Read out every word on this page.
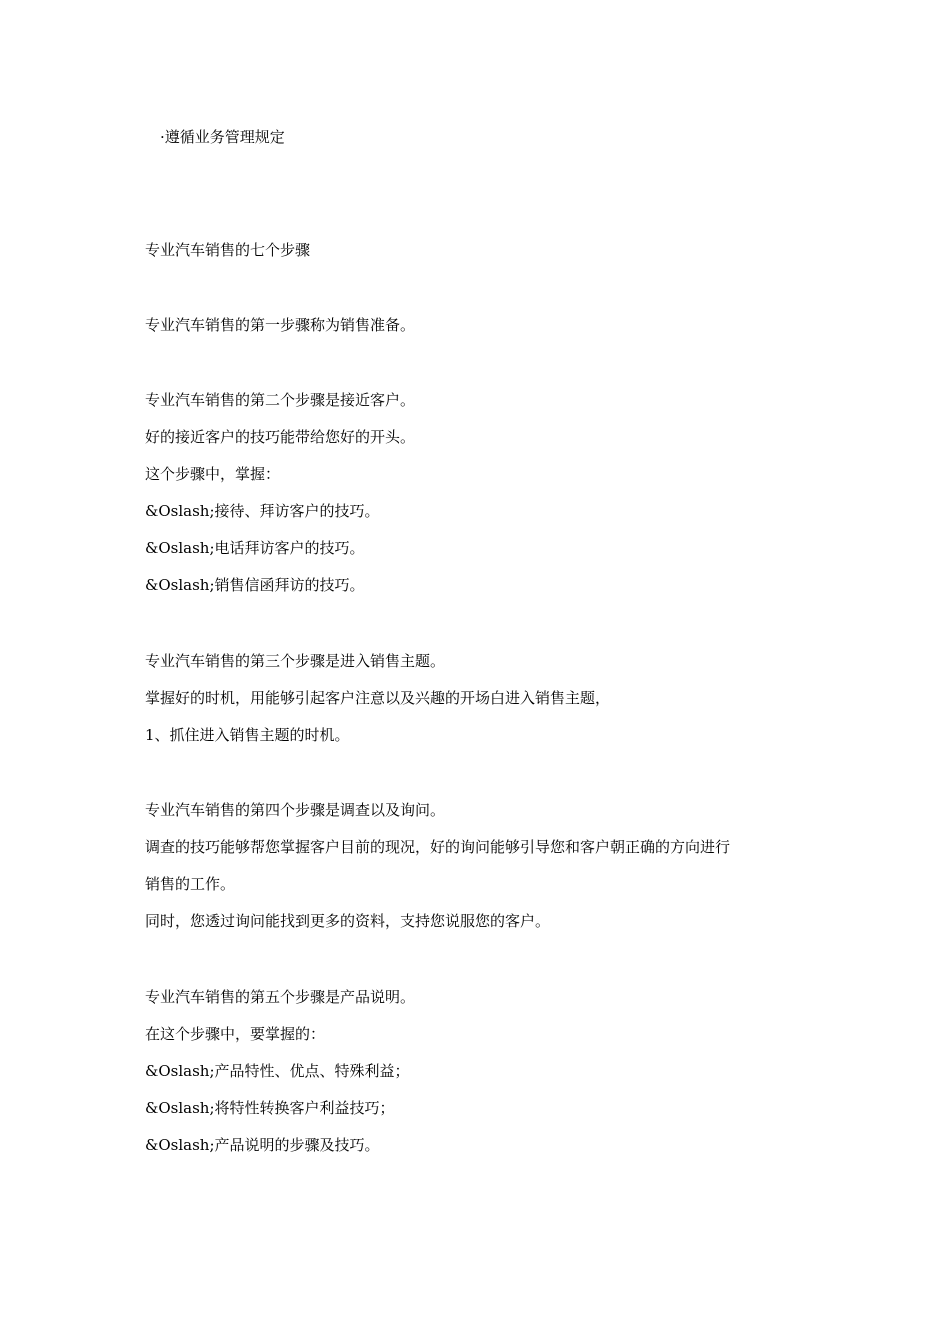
·遵循业务管理规定
专业汽车销售的七个步骤
专业汽车销售的第一步骤称为销售准备。
专业汽车销售的第二个步骤是接近客户。
好的接近客户的技巧能带给您好的开头。
这个步骤中，掌握：
&Oslash;接待、拜访客户的技巧。
&Oslash;电话拜访客户的技巧。
&Oslash;销售信函拜访的技巧。
专业汽车销售的第三个步骤是进入销售主题。
掌握好的时机，用能够引起客户注意以及兴趣的开场白进入销售主题，
1、抓住进入销售主题的时机。
专业汽车销售的第四个步骤是调查以及询问。
调查的技巧能够帮您掌握客户目前的现况，好的询问能够引导您和客户朝正确的方向进行
销售的工作。
同时，您透过询问能找到更多的资料，支持您说服您的客户。
专业汽车销售的第五个步骤是产品说明。
在这个步骤中，要掌握的：
&Oslash;产品特性、优点、特殊利益；
&Oslash;将特性转换客户利益技巧；
&Oslash;产品说明的步骤及技巧。
